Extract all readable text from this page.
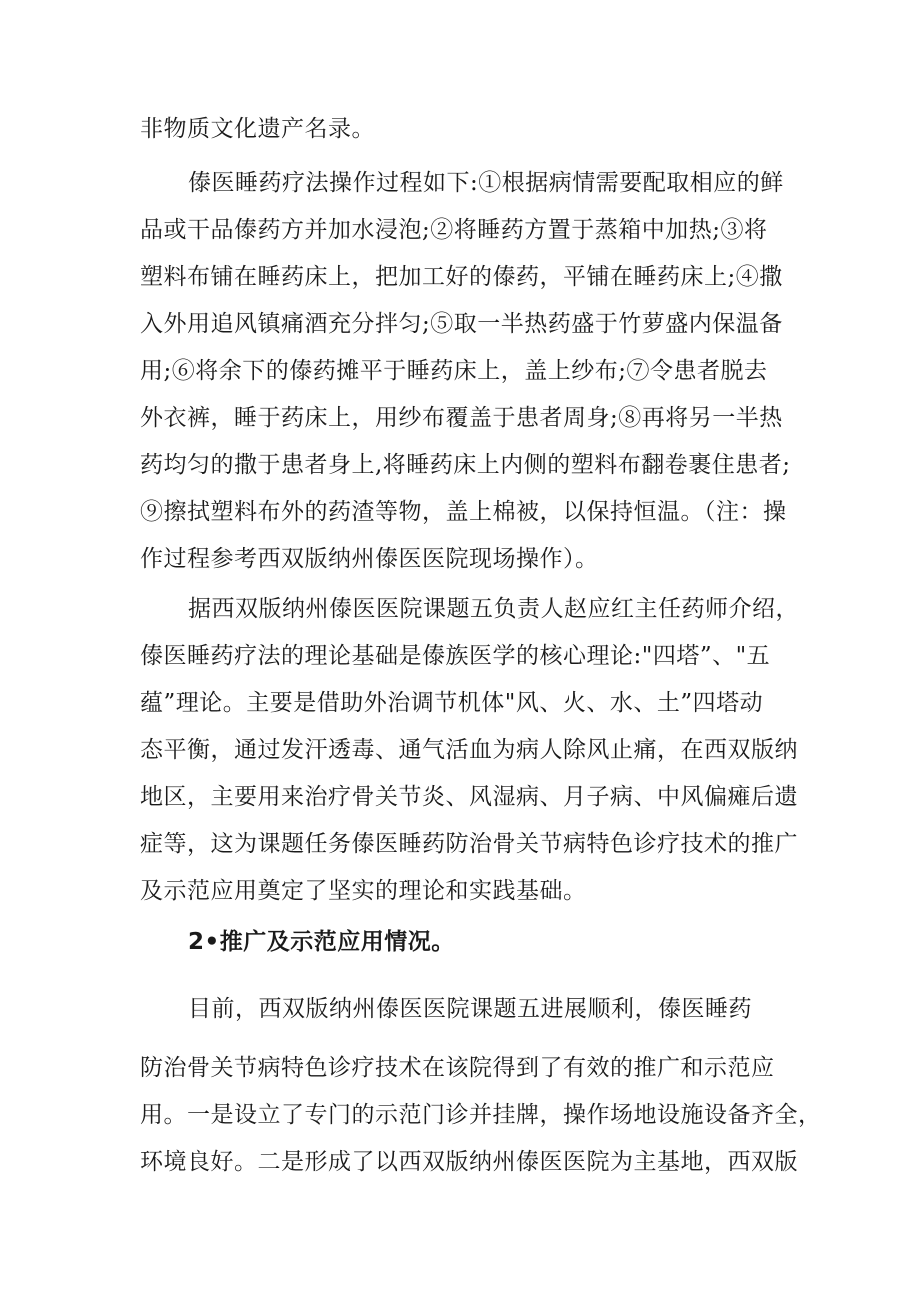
非物质文化遗产名录。
傣医睡药疗法操作过程如下:①根据病情需要配取相应的鲜
品或干品傣药方并加水浸泡;②将睡药方置于蒸箱中加热;③将
塑料布铺在睡药床上，把加工好的傣药，平铺在睡药床上;④撒
入外用追风镇痛酒充分拌匀;⑤取一半热药盛于竹萝盛内保温备
用;⑥将余下的傣药摊平于睡药床上，盖上纱布;⑦令患者脱去
外衣裤，睡于药床上，用纱布覆盖于患者周身;⑧再将另一半热
药均匀的撒于患者身上,将睡药床上内侧的塑料布翻卷裹住患者;
⑨擦拭塑料布外的药渣等物，盖上棉被，以保持恒温。（注：操
作过程参考西双版纳州傣医医院现场操作）。
据西双版纳州傣医医院课题五负责人赵应红主任药师介绍，
傣医睡药疗法的理论基础是傣族医学的核心理论:"四塔”、"五
蕴”理论。主要是借助外治调节机体"风、火、水、土”四塔动
态平衡，通过发汗透毒、通气活血为病人除风止痛，在西双版纳
地区，主要用来治疗骨关节炎、风湿病、月子病、中风偏瘫后遗
症等，这为课题任务傣医睡药防治骨关节病特色诊疗技术的推广
及示范应用奠定了坚实的理论和实践基础。
2•推广及示范应用情况。
目前，西双版纳州傣医医院课题五进展顺利，傣医睡药
防治骨关节病特色诊疗技术在该院得到了有效的推广和示范应
用。一是设立了专门的示范门诊并挂牌，操作场地设施设备齐全，
环境良好。二是形成了以西双版纳州傣医医院为主基地，西双版
